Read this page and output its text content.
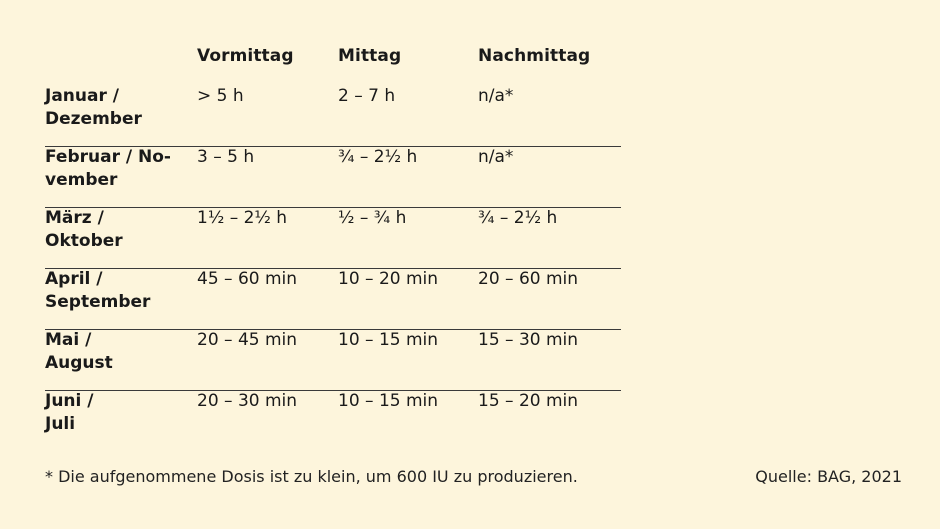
Vormittag	Mittag	Nachmittag
Januar /
Dezember
> 5 h	2 – 7 h	n/a*
Februar / No-
vember
3 – 5 h	¾ – 2½ h	n/a*
März /
Oktober
1½ – 2½ h	½ – ¾ h	¾ – 2½ h
April /
September
45 – 60 min 10 – 20 min 20 – 60 min
Mai /
August
20 – 45 min 10 – 15 min 15 – 30 min
Juni /
Juli
20 – 30 min 10 – 15 min 15 – 20 min
* Die aufgenommene Dosis ist zu klein, um 600 IU zu produzieren.	Quelle: BAG, 2021
